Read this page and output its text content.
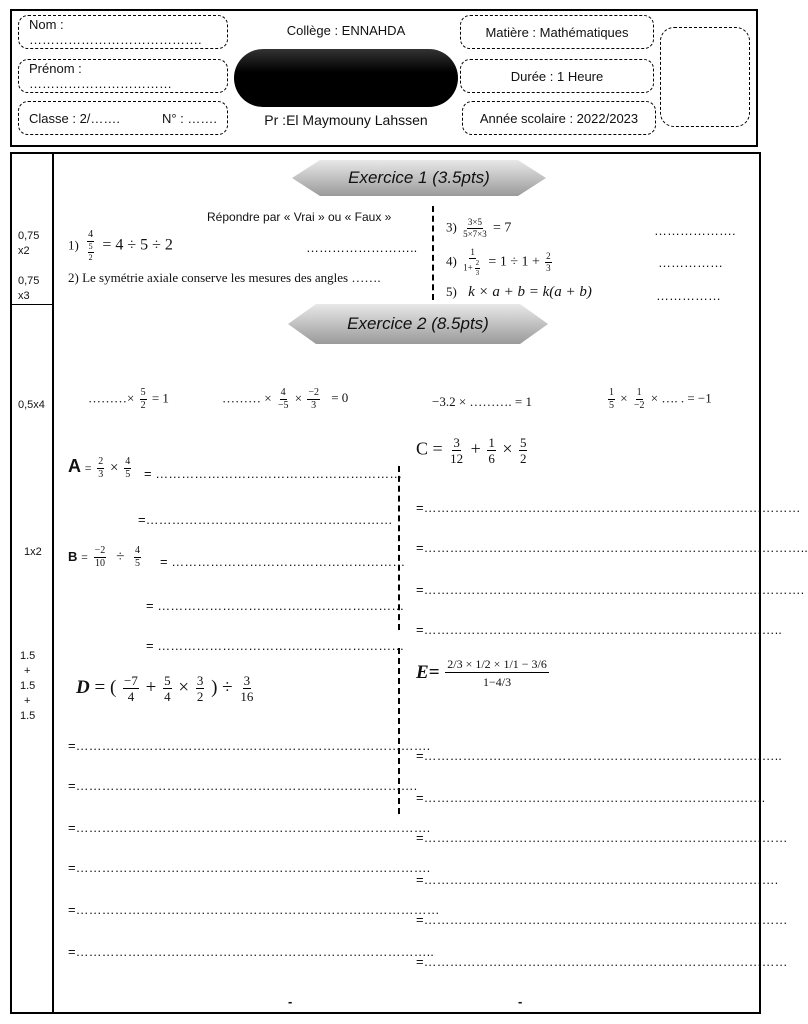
Nom : ………………………………….
Prénom : ……………………………
Classe : 2/…….	N° : …….
Collège : ENNAHDA
Pr :El Maymouny Lahssen
Matière : Mathématiques
Durée : 1 Heure
Année scolaire : 2022/2023
0,75
x2
0,75
x3
0,5x4
1x2
1.5
+
1.5
+
1.5
Exercice 1 (3.5pts)
Répondre par « Vrai » ou « Faux »
$1) \frac{4}{\frac{5}{2}} = 4 \div 5 \div 2$	……………………..
2) Le symétrie axiale conserve les mesures des angles …….
$3) \frac{3\times 5}{5\times 7\times 3} = 7$	……………….
$4) \frac{1}{1+ \frac{2}{3}} = 1 \div 1 + \frac{2}{3}$	……………
5) k × a + b = k(a + b)	……………
Exercice 2 (8.5pts)
………× $\frac{5}{2} = 1$	……… × $\frac{4}{-5} \times \frac{-2}{3} = 0$	−3.2 × ………. = 1	$\frac{1}{5} \times \frac{1}{-2}$ × …. . = −1
$A = \frac{2}{3} \times \frac{4}{5}$ = …………………………………………………
=…………………………………………………
$B = \frac{-2}{10} \div \frac{4}{5}$ = ………………………………………………
= …………………………………………………
= …………………………………………………
$C = \frac{3}{12} + \frac{1}{6} \times \frac{5}{2}$
=……………………………………………………………………………
=……………………………………………………………………………..
=…………………………………………………………………………….
=………………………………………………………………………..
D = ( $\frac{-7}{4} + \frac{5}{4} \times \frac{3}{2}$ ) ÷ $\frac{3}{16}$
=……………………………………………………………………….
=…………………………………………………………………….
=……………………………………………………………………….
=……………………………………………………………………….
=…………………………………………………………………………
=………………………………………………………………………..
$E= \frac{2/3 \times 1/2 \times 1/1 - 3/6}{1-4/3}$
=………………………………………………………………………..
=…………………………………………………………………….
=…………………………………………………………………………
=……………………………………………………………………….
=…………………………………………………………………………
=…………………………………………………………………………
-	-
